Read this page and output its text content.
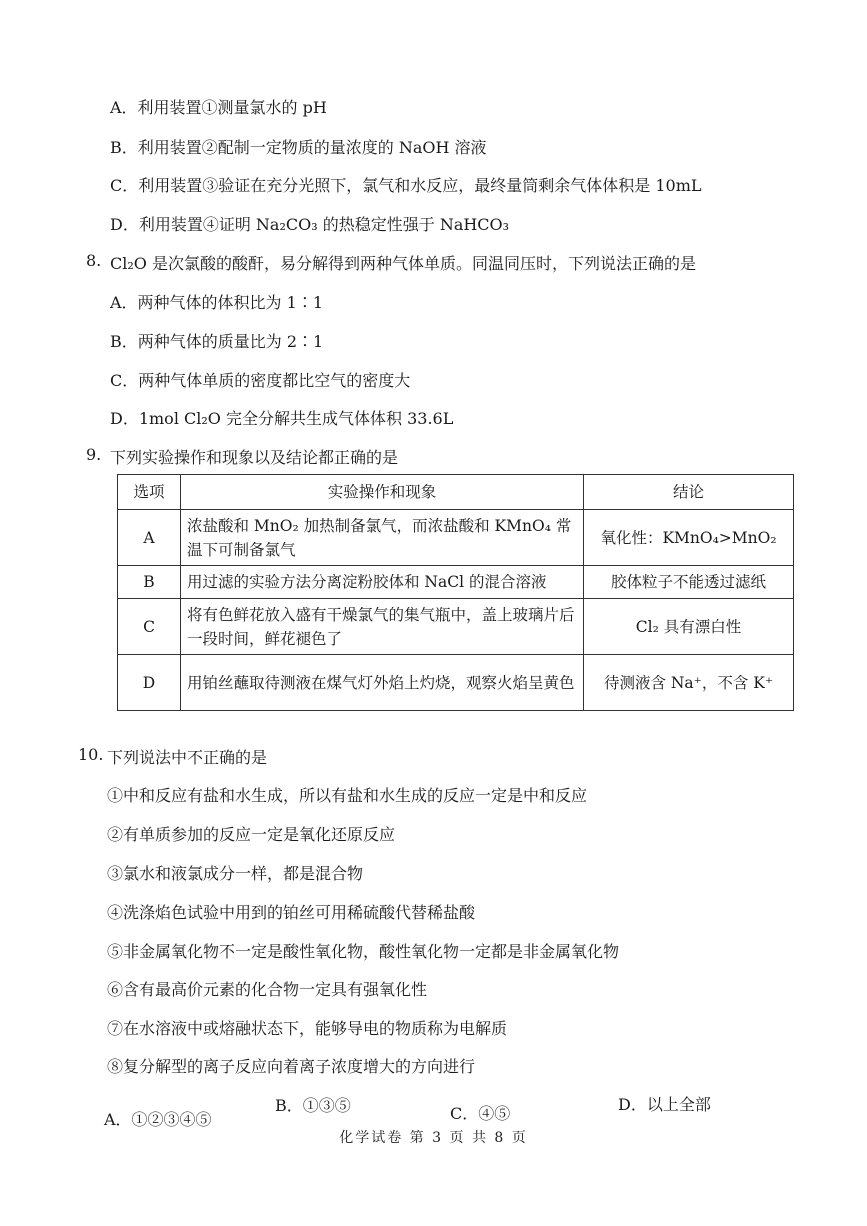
A．利用装置①测量氯水的 pH
B．利用装置②配制一定物质的量浓度的 NaOH 溶液
C．利用装置③验证在充分光照下，氯气和水反应，最终量筒剩余气体体积是 10mL
D．利用装置④证明 Na₂CO₃ 的热稳定性强于 NaHCO₃
8. Cl₂O 是次氯酸的酸酐，易分解得到两种气体单质。同温同压时，下列说法正确的是
A．两种气体的体积比为 1∶1
B．两种气体的质量比为 2∶1
C．两种气体单质的密度都比空气的密度大
D．1mol Cl₂O 完全分解共生成气体体积 33.6L
9. 下列实验操作和现象以及结论都正确的是
选项	实验操作和现象	结论
A	浓盐酸和 MnO₂ 加热制备氯气，而浓盐酸和 KMnO₄ 常温下可制备氯气	氧化性：KMnO₄>MnO₂
B	用过滤的实验方法分离淀粉胶体和 NaCl 的混合溶液	胶体粒子不能透过滤纸
C	将有色鲜花放入盛有干燥氯气的集气瓶中，盖上玻璃片后一段时间，鲜花褪色了	Cl₂ 具有漂白性
D	用铂丝蘸取待测液在煤气灯外焰上灼烧，观察火焰呈黄色	待测液含 Na⁺，不含 K⁺
10. 下列说法中不正确的是
①中和反应有盐和水生成，所以有盐和水生成的反应一定是中和反应
②有单质参加的反应一定是氧化还原反应
③氯水和液氯成分一样，都是混合物
④洗涤焰色试验中用到的铂丝可用稀硫酸代替稀盐酸
⑤非金属氧化物不一定是酸性氧化物，酸性氧化物一定都是非金属氧化物
⑥含有最高价元素的化合物一定具有强氧化性
⑦在水溶液中或熔融状态下，能够导电的物质称为电解质
⑧复分解型的离子反应向着离子浓度增大的方向进行
A．①②③④⑤
B．①③⑤	C．④⑤	D．以上全部
化学试卷 第 3 页 共 8 页
